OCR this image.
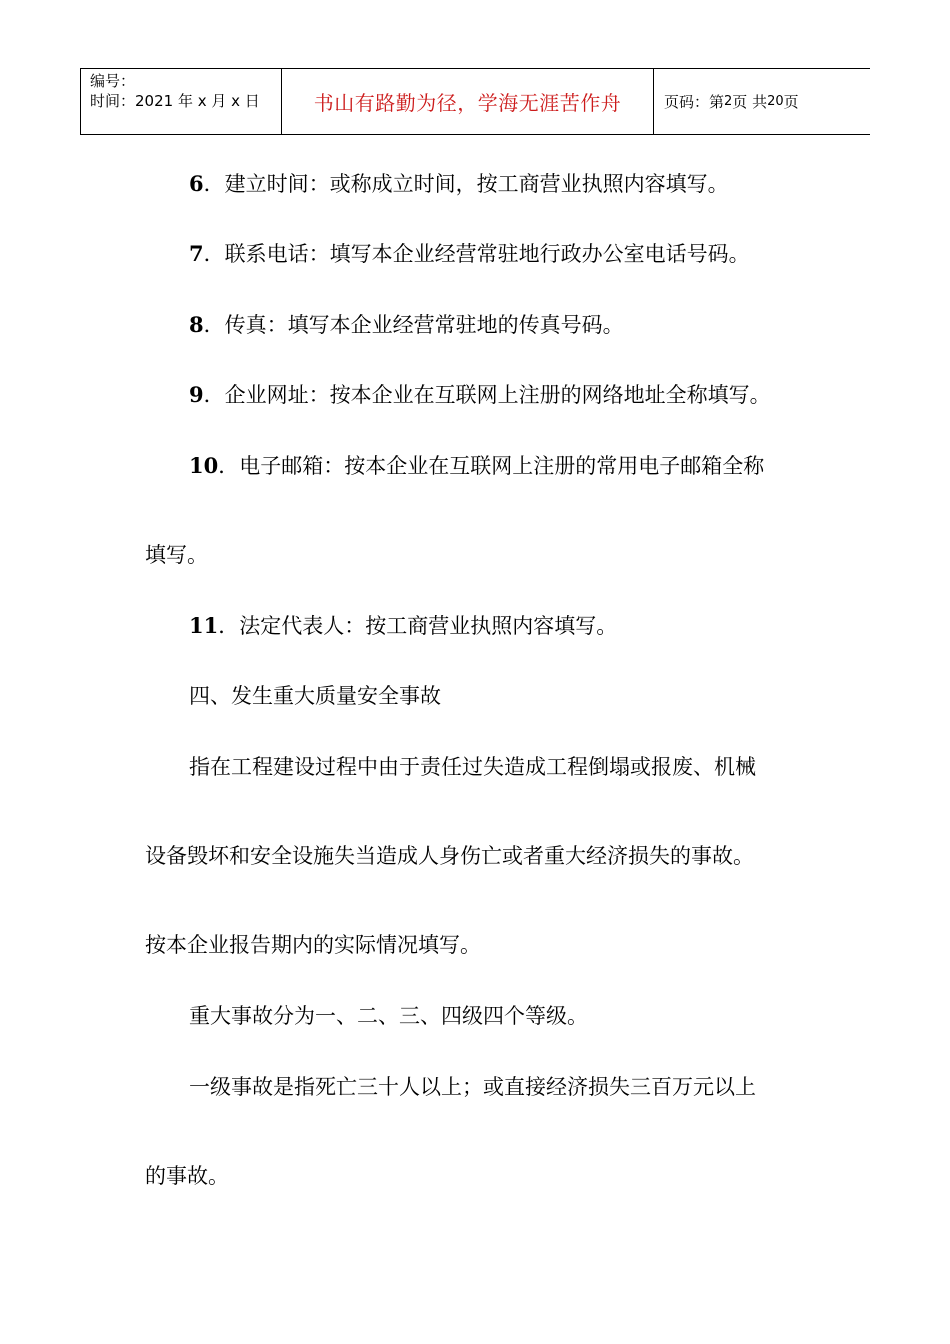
编号：
时间：2021 年 x 月 x 日	书山有路勤为径，学海无涯苦作舟	页码：第 2 页 共 20 页
6．建立时间：或称成立时间，按工商营业执照内容填写。
7．联系电话：填写本企业经营常驻地行政办公室电话号码。
8．传真：填写本企业经营常驻地的传真号码。
9．企业网址：按本企业在互联网上注册的网络地址全称填写。
10．电子邮箱：按本企业在互联网上注册的常用电子邮箱全称
填写。
11．法定代表人：按工商营业执照内容填写。
四、发生重大质量安全事故
指在工程建设过程中由于责任过失造成工程倒塌或报废、机械
设备毁坏和安全设施失当造成人身伤亡或者重大经济损失的事故。
按本企业报告期内的实际情况填写。
重大事故分为一、二、三、四级四个等级。
一级事故是指死亡三十人以上；或直接经济损失三百万元以上
的事故。
